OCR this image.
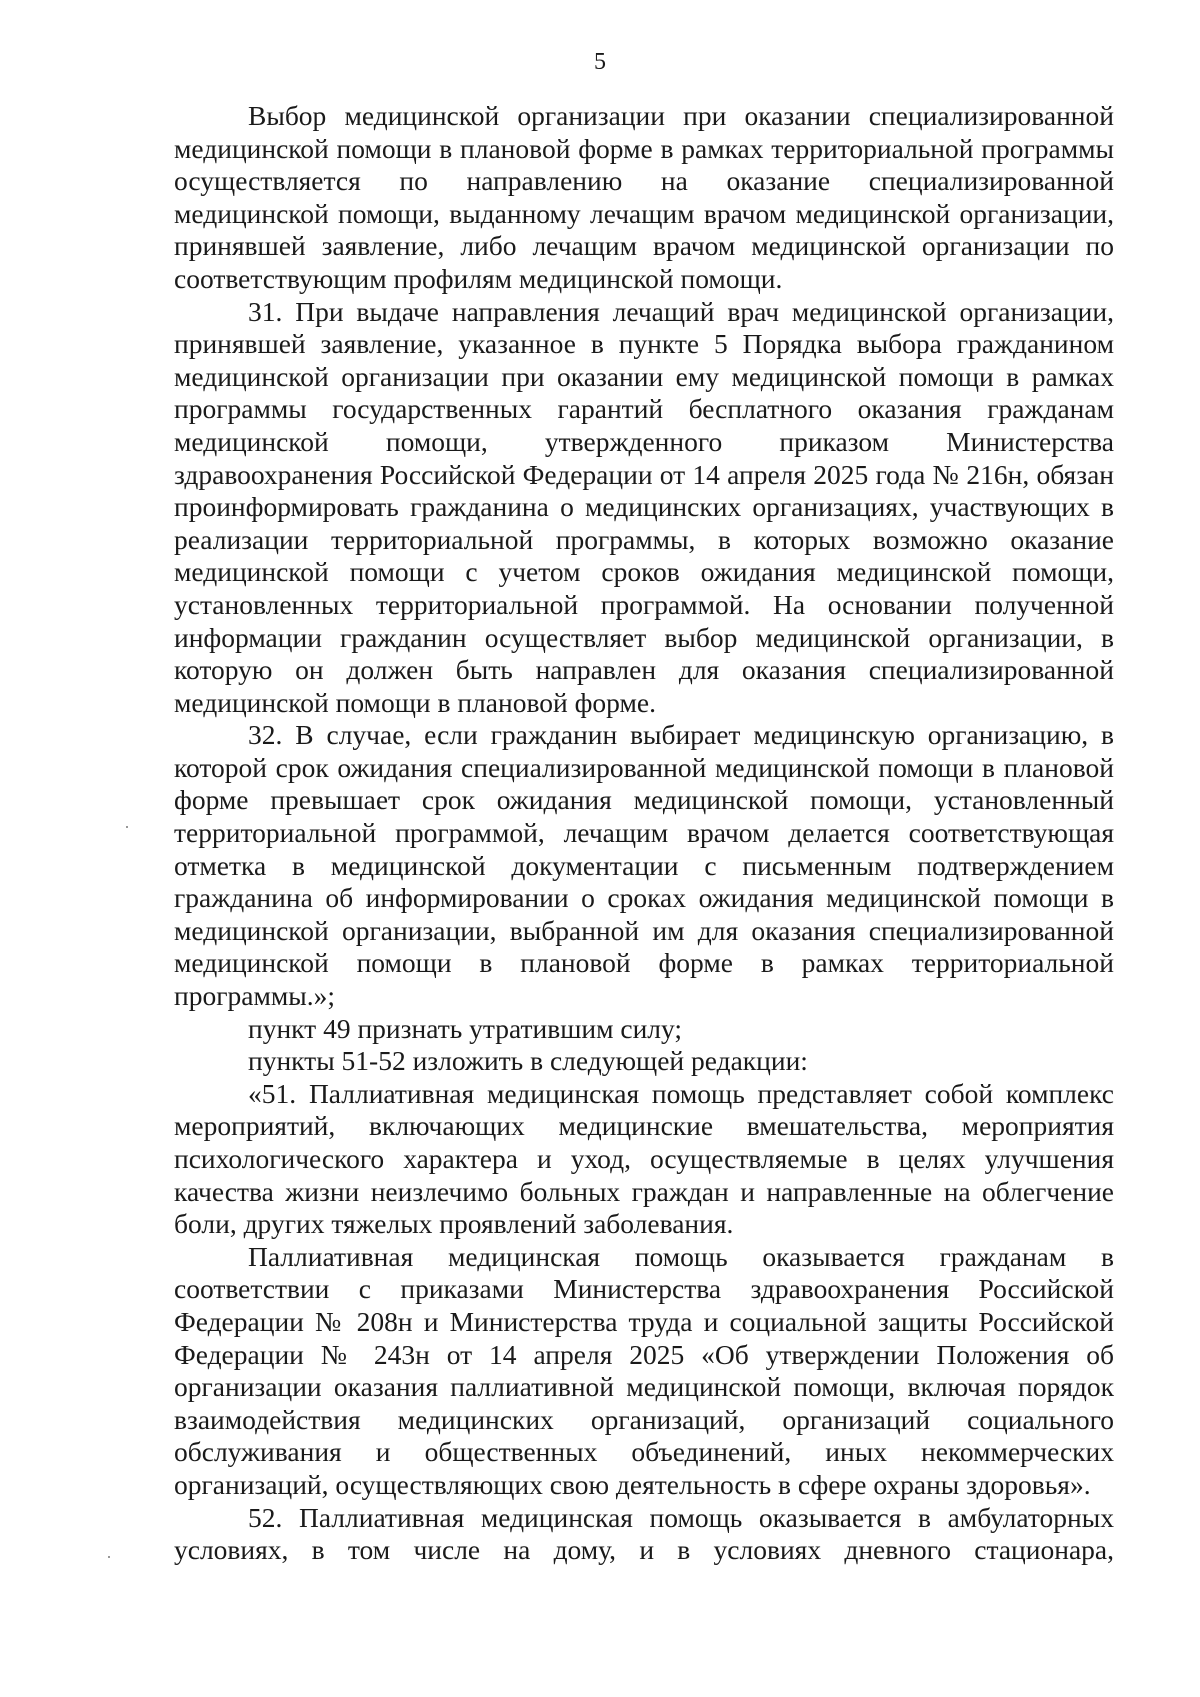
5

Выбор медицинской организации при оказании специализированной медицинской помощи в плановой форме в рамках территориальной программы осуществляется по направлению на оказание специализированной медицинской помощи, выданному лечащим врачом медицинской организации, принявшей заявление, либо лечащим врачом медицинской организации по соответствующим профилям медицинской помощи.

31. При выдаче направления лечащий врач медицинской организации, принявшей заявление, указанное в пункте 5 Порядка выбора гражданином медицинской организации при оказании ему медицинской помощи в рамках программы государственных гарантий бесплатного оказания гражданам медицинской помощи, утвержденного приказом Министерства здравоохранения Российской Федерации от 14 апреля 2025 года № 216н, обязан проинформировать гражданина о медицинских организациях, участвующих в реализации территориальной программы, в которых возможно оказание медицинской помощи с учетом сроков ожидания медицинской помощи, установленных территориальной программой. На основании полученной информации гражданин осуществляет выбор медицинской организации, в которую он должен быть направлен для оказания специализированной медицинской помощи в плановой форме.

32. В случае, если гражданин выбирает медицинскую организацию, в которой срок ожидания специализированной медицинской помощи в плановой форме превышает срок ожидания медицинской помощи, установленный территориальной программой, лечащим врачом делается соответствующая отметка в медицинской документации с письменным подтверждением гражданина об информировании о сроках ожидания медицинской помощи в медицинской организации, выбранной им для оказания специализированной медицинской помощи в плановой форме в рамках территориальной программы.»;

пункт 49 признать утратившим силу;

пункты 51-52 изложить в следующей редакции:

«51. Паллиативная медицинская помощь представляет собой комплекс мероприятий, включающих медицинские вмешательства, мероприятия психологического характера и уход, осуществляемые в целях улучшения качества жизни неизлечимо больных граждан и направленные на облегчение боли, других тяжелых проявлений заболевания.

Паллиативная медицинская помощь оказывается гражданам в соответствии с приказами Министерства здравоохранения Российской Федерации № 208н и Министерства труда и социальной защиты Российской Федерации № 243н от 14 апреля 2025 «Об утверждении Положения об организации оказания паллиативной медицинской помощи, включая порядок взаимодействия медицинских организаций, организаций социального обслуживания и общественных объединений, иных некоммерческих организаций, осуществляющих свою деятельность в сфере охраны здоровья».

52. Паллиативная медицинская помощь оказывается в амбулаторных условиях, в том числе на дому, и в условиях дневного стационара,
